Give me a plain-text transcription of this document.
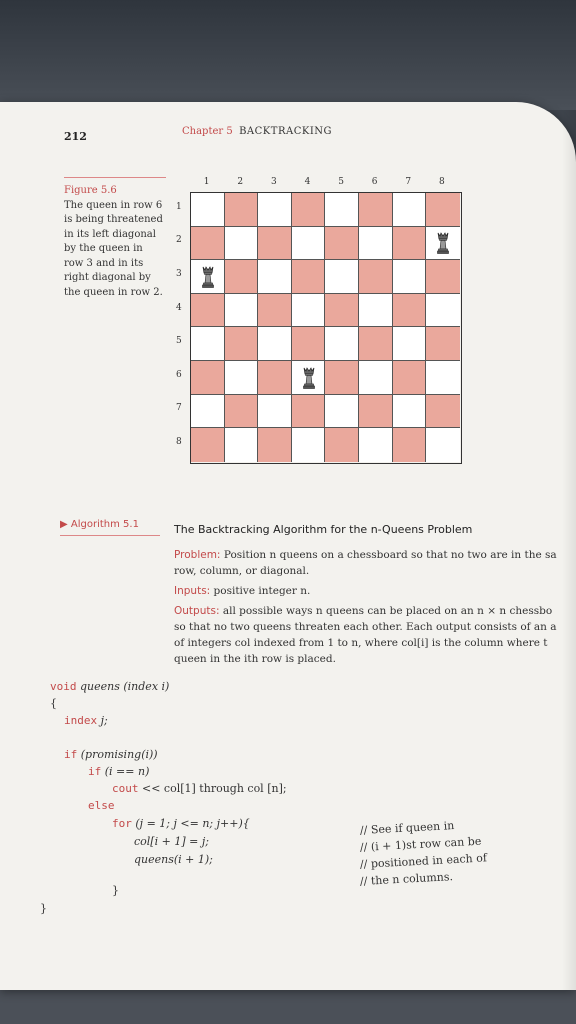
212	Chapter 5 BACKTRACKING
Figure 5.6
The queen in row 6
is being threatened
in its left diagonal
by the queen in
row 3 and in its
right diagonal by
the queen in row 2.
1	2	3	4	5	6	7	8
1
2
3
4
5
6
7
8
▶ Algorithm 5.1	The Backtracking Algorithm for the n-Queens Problem
Problem: Position n queens on a chessboard so that no two are in the sa
row, column, or diagonal.
Inputs: positive integer n.
Outputs: all possible ways n queens can be placed on an n × n chessbo
so that no two queens threaten each other. Each output consists of an a
of integers col indexed from 1 to n, where col[i] is the column where t
queen in the ith row is placed.
void queens (index i)
{
index j;
if (promising(i))
if (i == n)
cout << col[1] through col [n];
else
for (j = 1; j <= n; j++){
col[i + 1] = j;
queens(i + 1);
}
}
// See if queen in
// (i + 1)st row can be
// positioned in each of
// the n columns.
